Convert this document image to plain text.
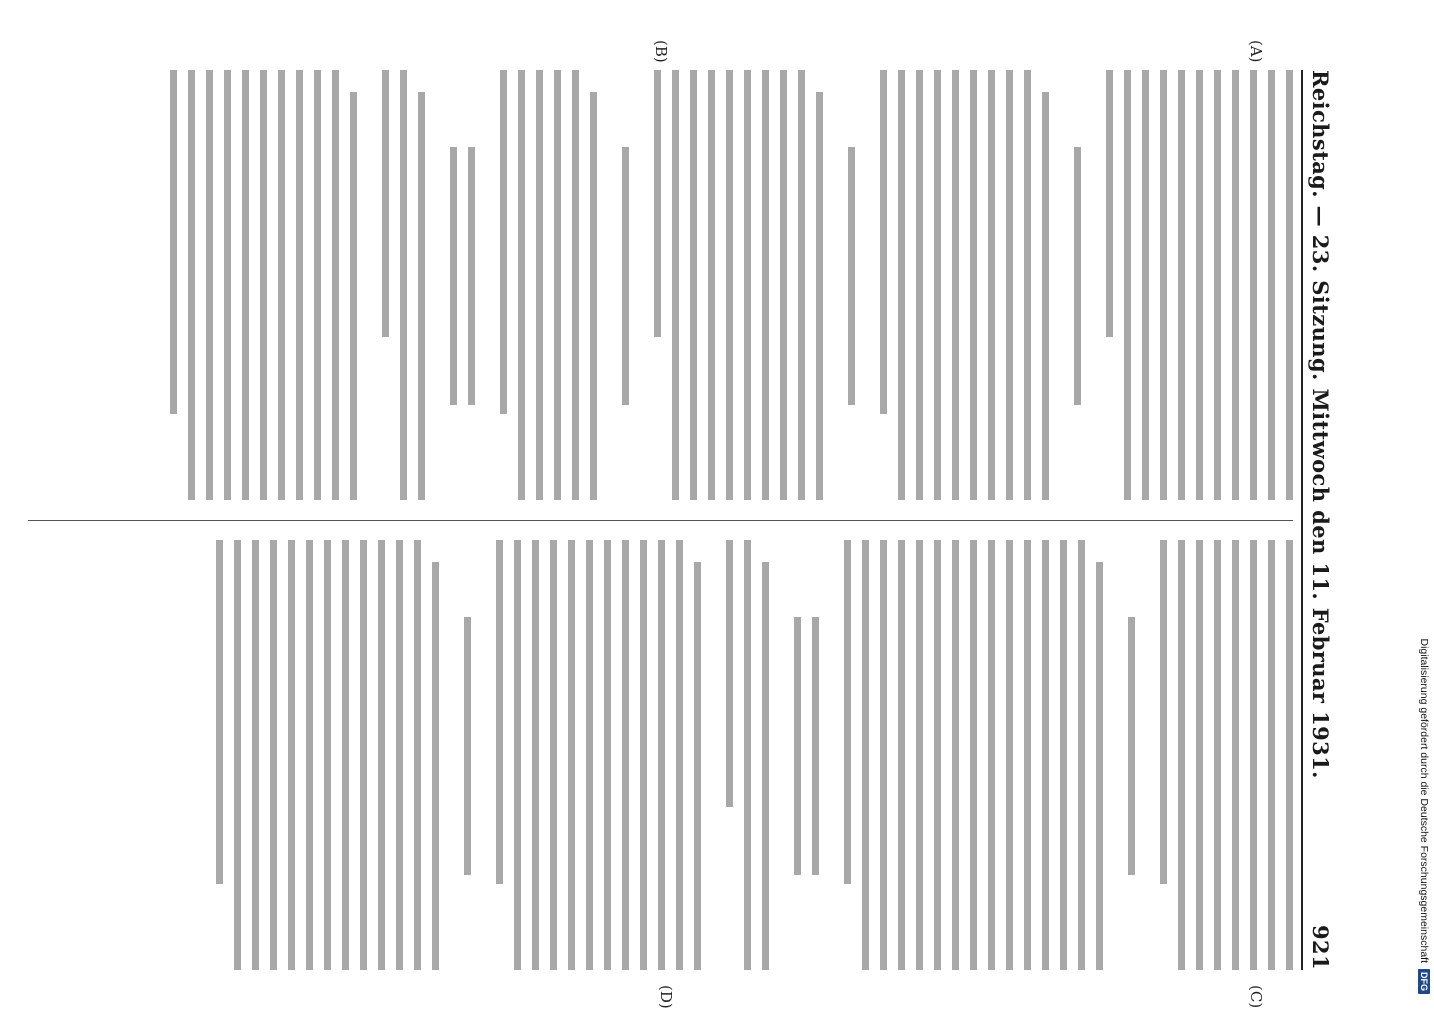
Reichstag. — 23. Sitzung. Mittwoch den 11. Februar 1931.
921
(A)
(B)
(C)
(D)
Digitalisierung gefördert durch die Deutsche Forschungsgemeinschaft
DFG
